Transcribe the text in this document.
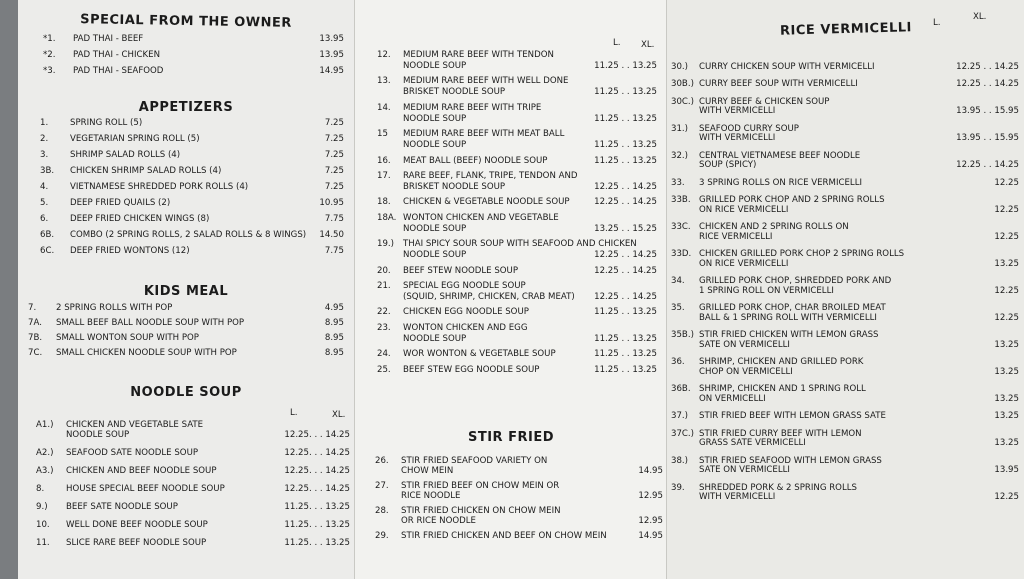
SPECIAL FROM THE OWNER
*1. PAD THAI - BEEF	13.95
*2. PAD THAI - CHICKEN	13.95
*3. PAD THAI - SEAFOOD	14.95
APPETIZERS
1.	SPRING ROLL (5)	7.25
2.	VEGETARIAN SPRING ROLL (5)	7.25
3.	SHRIMP SALAD ROLLS (4)	7.25
3B. CHICKEN SHRIMP SALAD ROLLS (4)	7.25
4.	VIETNAMESE SHREDDED PORK ROLLS (4)	7.25
5.	DEEP FRIED QUAILS (2)	10.95
6.	DEEP FRIED CHICKEN WINGS (8)	7.75
6B. COMBO (2 SPRING ROLLS, 2 SALAD ROLLS & 8 WINGS) 14.50
6C. DEEP FRIED WONTONS (12)	7.75
KIDS MEAL
7. 2 SPRING ROLLS WITH POP	4.95
7A. SMALL BEEF BALL NOODLE SOUP WITH POP	8.95
7B. SMALL WONTON SOUP WITH POP	8.95
7C. SMALL CHICKEN NOODLE SOUP WITH POP	8.95
NOODLE SOUP
L.	XL.
A1.) CHICKEN AND VEGETABLE SATE
NOODLE SOUP	12.25. . . 14.25
A2.) SEAFOOD SATE NOODLE SOUP	12.25. . . 14.25
A3.) CHICKEN AND BEEF NOODLE SOUP	12.25. . . 14.25
8.	HOUSE SPECIAL BEEF NOODLE SOUP	12.25. . . 14.25
9.) BEEF SATE NOODLE SOUP	11.25. . . 13.25
10. WELL DONE BEEF NOODLE SOUP	11.25. . . 13.25
11. SLICE RARE BEEF NOODLE SOUP	11.25. . . 13.25
L. XL.
12. MEDIUM RARE BEEF WITH TENDON
NOODLE SOUP	11.25 . . 13.25
13. MEDIUM RARE BEEF WITH WELL DONE
BRISKET NOODLE SOUP	11.25 . . 13.25
14. MEDIUM RARE BEEF WITH TRIPE
NOODLE SOUP	11.25 . . 13.25
15 MEDIUM RARE BEEF WITH MEAT BALL
NOODLE SOUP	11.25 . . 13.25
16. MEAT BALL (BEEF) NOODLE SOUP	11.25 . . 13.25
17. RARE BEEF, FLANK, TRIPE, TENDON AND
BRISKET NOODLE SOUP	12.25 . . 14.25
18. CHICKEN & VEGETABLE NOODLE SOUP	12.25 . . 14.25
18A. WONTON CHICKEN AND VEGETABLE
NOODLE SOUP	13.25 . . 15.25
19.) THAI SPICY SOUR SOUP WITH SEAFOOD AND CHICKEN
NOODLE SOUP	12.25 . . 14.25
20. BEEF STEW NOODLE SOUP	12.25 . . 14.25
21. SPECIAL EGG NOODLE SOUP
(SQUID, SHRIMP, CHICKEN, CRAB MEAT) 12.25 . . 14.25
22. CHICKEN EGG NOODLE SOUP	11.25 . . 13.25
23. WONTON CHICKEN AND EGG
NOODLE SOUP	11.25 . . 13.25
24. WOR WONTON & VEGETABLE SOUP	11.25 . . 13.25
25. BEEF STEW EGG NOODLE SOUP	11.25 . . 13.25
STIR FRIED
26. STIR FRIED SEAFOOD VARIETY ON
CHOW MEIN	14.95
27. STIR FRIED BEEF ON CHOW MEIN OR
RICE NOODLE	12.95
28. STIR FRIED CHICKEN ON CHOW MEIN
OR RICE NOODLE	12.95
29. STIR FRIED CHICKEN AND BEEF ON CHOW MEIN	14.95
RICE VERMICELLI	L.
XL.
30.) CURRY CHICKEN SOUP WITH VERMICELLI	12.25 . . 14.25
30B.) CURRY BEEF SOUP WITH VERMICELLI	12.25 . . 14.25
30C.) CURRY BEEF & CHICKEN SOUP
WITH VERMICELLI	13.95 . . 15.95
31.) SEAFOOD CURRY SOUP
WITH VERMICELLI	13.95 . . 15.95
32.) CENTRAL VIETNAMESE BEEF NOODLE
SOUP (SPICY)	12.25 . . 14.25
33. 3 SPRING ROLLS ON RICE VERMICELLI	12.25
33B. GRILLED PORK CHOP AND 2 SPRING ROLLS
ON RICE VERMICELLI	12.25
33C. CHICKEN AND 2 SPRING ROLLS ON
RICE VERMICELLI	12.25
33D. CHICKEN GRILLED PORK CHOP 2 SPRING ROLLS
ON RICE VERMICELLI	13.25
34. GRILLED PORK CHOP, SHREDDED PORK AND
1 SPRING ROLL ON VERMICELLI	12.25
35. GRILLED PORK CHOP, CHAR BROILED MEAT
BALL & 1 SPRING ROLL WITH VERMICELLI	12.25
35B.) STIR FRIED CHICKEN WITH LEMON GRASS
SATE ON VERMICELLI	13.25
36. SHRIMP, CHICKEN AND GRILLED PORK
CHOP ON VERMICELLI	13.25
36B. SHRIMP, CHICKEN AND 1 SPRING ROLL
ON VERMICELLI	13.25
37.) STIR FRIED BEEF WITH LEMON GRASS SATE	13.25
37C.) STIR FRIED CURRY BEEF WITH LEMON
GRASS SATE VERMICELLI	13.25
38.) STIR FRIED SEAFOOD WITH LEMON GRASS
SATE ON VERMICELLI	13.95
39. SHREDDED PORK & 2 SPRING ROLLS
WITH VERMICELLI	12.25
